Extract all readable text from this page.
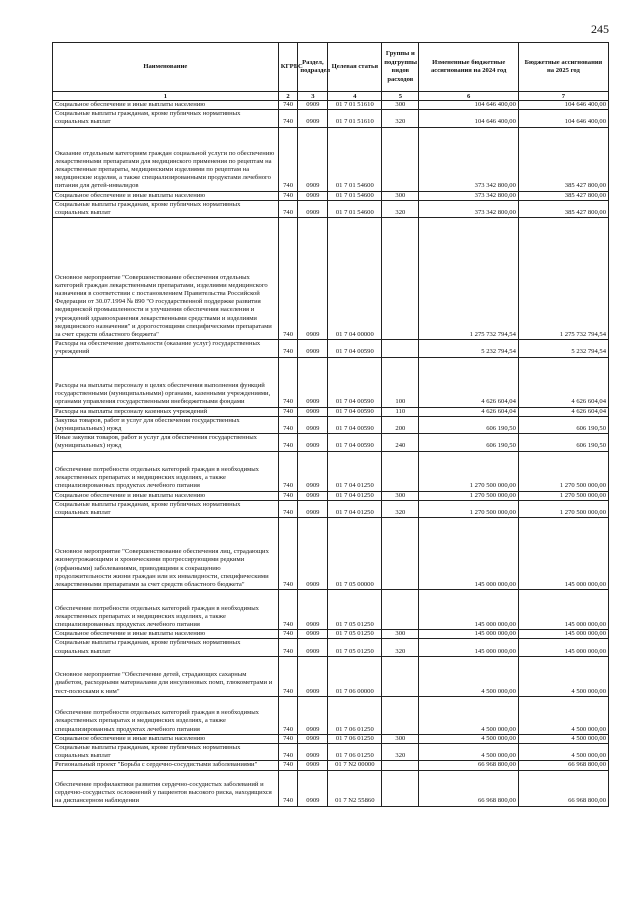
245
Наименование	КГРБС	Раздел, подраздел	Целевая статья	Группы и подгруппы видов расходов	Измененные бюджетные ассигнования на 2024 год	Бюджетные ассигнования на 2025 год
1	2	3	4	5	6	7
Социальное обеспечение и иные выплаты населению	740	0909	01 7 01 51610	300	104 646 400,00	104 646 400,00
Социальные выплаты гражданам, кроме публичных нормативных социальных выплат	740	0909	01 7 01 51610	320	104 646 400,00	104 646 400,00
Оказание отдельным категориям граждан социальной услуги по обеспечению лекарственными препаратами для медицинского применения по рецептам на лекарственные препараты, медицинскими изделиями по рецептам на медицинские изделия, а также специализированными продуктами лечебного питания для детей-инвалидов	740	0909	01 7 01 54600		373 342 800,00	385 427 800,00
Социальное обеспечение и иные выплаты населению	740	0909	01 7 01 54600	300	373 342 800,00	385 427 800,00
Социальные выплаты гражданам, кроме публичных нормативных социальных выплат	740	0909	01 7 01 54600	320	373 342 800,00	385 427 800,00
Основное мероприятие "Совершенствование обеспечения отдельных категорий граждан лекарственными препаратами, изделиями медицинского назначения в соответствии с постановлением Правительства Российской Федерации от 30.07.1994 № 890 "О государственной поддержке развития медицинской промышленности и улучшении обеспечения населения и учреждений здравоохранения лекарственными средствами и изделиями медицинского назначения" и дорогостоящими специфическими препаратами за счет средств областного бюджета"	740	0909	01 7 04 00000		1 275 732 794,54	1 275 732 794,54
Расходы на обеспечение деятельности (оказание услуг) государственных учреждений	740	0909	01 7 04 00590		5 232 794,54	5 232 794,54
Расходы на выплаты персоналу в целях обеспечения выполнения функций государственными (муниципальными) органами, казенными учреждениями, органами управления государственными внебюджетными фондами	740	0909	01 7 04 00590	100	4 626 604,04	4 626 604,04
Расходы на выплаты персоналу казенных учреждений	740	0909	01 7 04 00590	110	4 626 604,04	4 626 604,04
Закупка товаров, работ и услуг для обеспечения государственных (муниципальных) нужд	740	0909	01 7 04 00590	200	606 190,50	606 190,50
Иные закупки товаров, работ и услуг для обеспечения государственных (муниципальных) нужд	740	0909	01 7 04 00590	240	606 190,50	606 190,50
Обеспечение потребности отдельных категорий граждан в необходимых лекарственных препаратах и медицинских изделиях, а также специализированных продуктах лечебного питания	740	0909	01 7 04 01250		1 270 500 000,00	1 270 500 000,00
Социальное обеспечение и иные выплаты населению	740	0909	01 7 04 01250	300	1 270 500 000,00	1 270 500 000,00
Социальные выплаты гражданам, кроме публичных нормативных социальных выплат	740	0909	01 7 04 01250	320	1 270 500 000,00	1 270 500 000,00
Основное мероприятие "Совершенствование обеспечения лиц, страдающих жизнеугрожающими и хроническими прогрессирующими редкими (орфанными) заболеваниями, приводящими к сокращению продолжительности жизни граждан или их инвалидности, специфическими лекарственными препаратами за счет средств областного бюджета"	740	0909	01 7 05 00000		145 000 000,00	145 000 000,00
Обеспечение потребности отдельных категорий граждан в необходимых лекарственных препаратах и медицинских изделиях, а также специализированных продуктах лечебного питания	740	0909	01 7 05 01250		145 000 000,00	145 000 000,00
Социальное обеспечение и иные выплаты населению	740	0909	01 7 05 01250	300	145 000 000,00	145 000 000,00
Социальные выплаты гражданам, кроме публичных нормативных социальных выплат	740	0909	01 7 05 01250	320	145 000 000,00	145 000 000,00
Основное мероприятие "Обеспечение детей, страдающих сахарным диабетом, расходными материалами для инсулиновых помп, глюкометрами и тест-полосками к ним"	740	0909	01 7 06 00000		4 500 000,00	4 500 000,00
Обеспечение потребности отдельных категорий граждан в необходимых лекарственных препаратах и медицинских изделиях, а также специализированных продуктах лечебного питания	740	0909	01 7 06 01250		4 500 000,00	4 500 000,00
Социальное обеспечение и иные выплаты населению	740	0909	01 7 06 01250	300	4 500 000,00	4 500 000,00
Социальные выплаты гражданам, кроме публичных нормативных социальных выплат	740	0909	01 7 06 01250	320	4 500 000,00	4 500 000,00
Региональный проект "Борьба с сердечно-сосудистыми заболеваниями"	740	0909	01 7 N2 00000		66 968 800,00	66 968 800,00
Обеспечение профилактики развития сердечно-сосудистых заболеваний и сердечно-сосудистых осложнений у пациентов высокого риска, находящихся на диспансерном наблюдении	740	0909	01 7 N2 55860		66 968 800,00	66 968 800,00
